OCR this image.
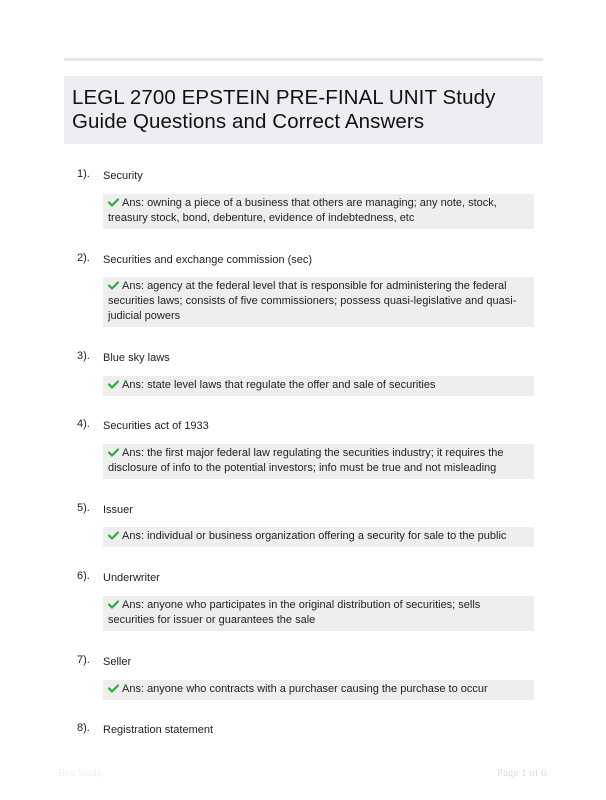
LEGL 2700 EPSTEIN PRE-FINAL UNIT Study Guide Questions and Correct Answers
1). Security
Ans: owning a piece of a business that others are managing; any note, stock, treasury stock, bond, debenture, evidence of indebtedness, etc
2). Securities and exchange commission (sec)
Ans: agency at the federal level that is responsible for administering the federal securities laws; consists of five commissioners; possess quasi-legislative and quasi-judicial powers
3). Blue sky laws
Ans: state level laws that regulate the offer and sale of securities
4). Securities act of 1933
Ans: the first major federal law regulating the securities industry; it requires the disclosure of info to the potential investors; info must be true and not misleading
5). Issuer
Ans: individual or business organization offering a security for sale to the public
6). Underwriter
Ans: anyone who participates in the original distribution of securities; sells securities for issuer or guarantees the sale
7). Seller
Ans: anyone who contracts with a purchaser causing the purchase to occur
8). Registration statement
Best Study	Page 1 of 6
